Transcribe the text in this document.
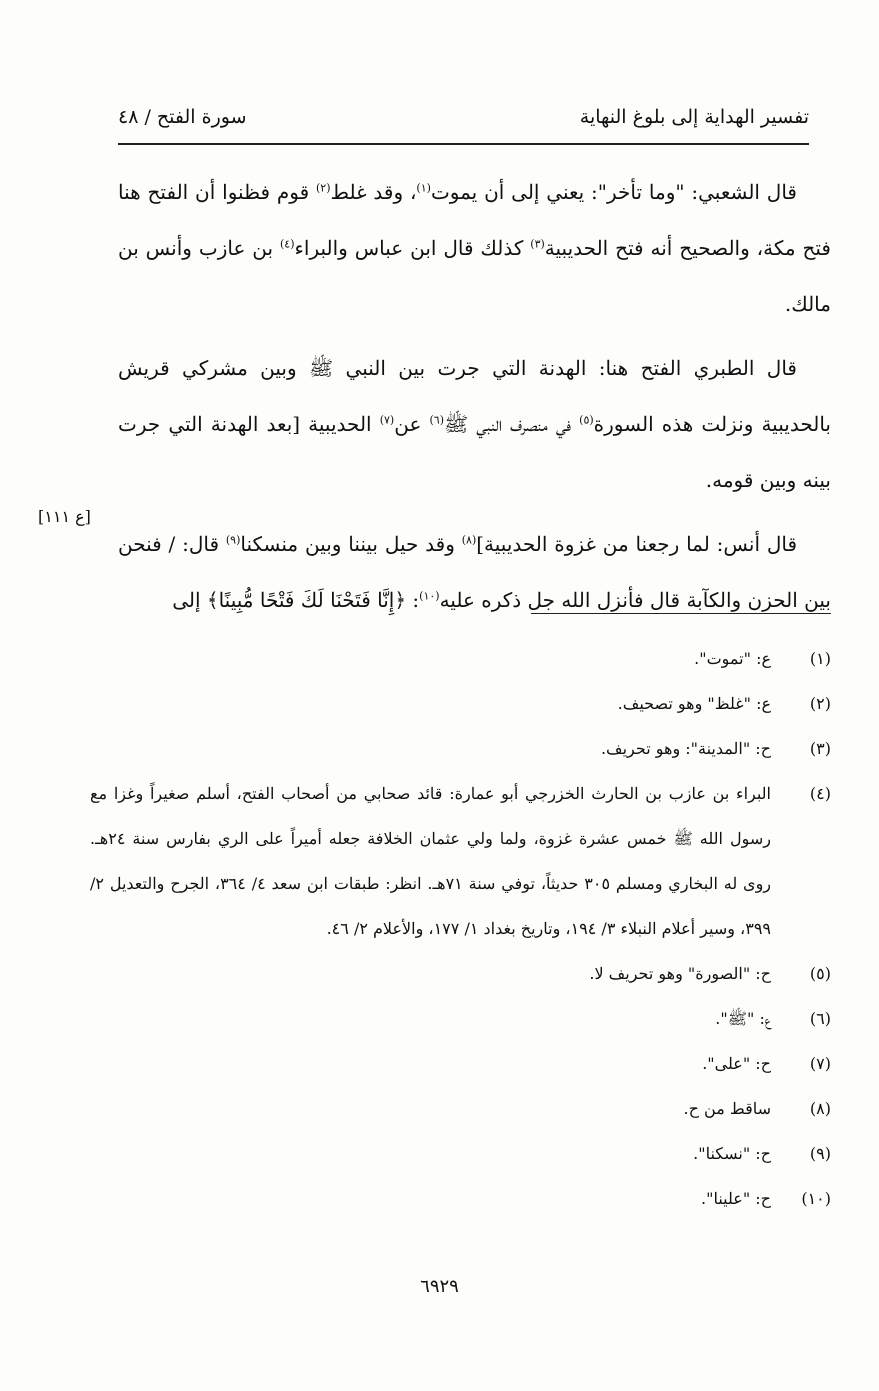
تفسير الهداية إلى بلوغ النهاية
سورة الفتح / ٤٨

قال الشعبي: "وما تأخر": يعني إلى أن يموت$^{(١)}$، وقد غلط$^{(٢)}$ قوم فظنوا أن الفتح هنا فتح مكة، والصحيح أنه فتح الحديبية$^{(٣)}$ كذلك قال ابن عباس والبراء$^{(٤)}$ بن عازب وأنس بن مالك.

قال الطبري الفتح هنا: الهدنة التي جرت بين النبي ﷺ وبين مشركي قريش بالحديبية ونزلت هذه السورة$^{(٥)}$ في منصرف النبي ﷺ$^{(٦)}$ عن$^{(٧)}$ الحديبية [بعد الهدنة التي جرت بينه وبين قومه.

قال أنس: لما رجعنا من غزوة الحديبية]$^{(٨)}$ وقد حيل بيننا وبين منسكنا$^{(٩)}$ قال: / فنحن بين الحزن والكآبة قال فأنزل الله جل ذكره عليه$^{(١٠)}$: ﴿إِنَّا فَتَحْنَا لَكَ فَتْحًا مُّبِينًا﴾ إلى

[ع ١١١]
(١)
ع: "تموت".
(٢)
ع: "غلظ" وهو تصحيف.
(٣)
ح: "المدينة": وهو تحريف.
(٤)
البراء بن عازب بن الحارث الخزرجي أبو عمارة: قائد صحابي من أصحاب الفتح، أسلم صغيراً وغزا مع رسول الله ﷺ خمس عشرة غزوة، ولما ولي عثمان الخلافة جعله أميراً على الري بفارس سنة ٢٤هـ. روى له البخاري ومسلم ٣٠٥ حديثاً، توفي سنة ٧١هـ. انظر: طبقات ابن سعد ٤/ ٣٦٤، الجرح والتعديل ٢/ ٣٩٩، وسير أعلام النبلاء ٣/ ١٩٤، وتاريخ بغداد ١/ ١٧٧، والأعلام ٢/ ٤٦.
(٥)
ح: "الصورة" وهو تحريف لا.
(٦)
ع: "ﷺ".
(٧)
ح: "على".
(٨)
ساقط من ح.
(٩)
ح: "نسكنا".
(١٠)
ح: "علينا".
٦٩٢٩
